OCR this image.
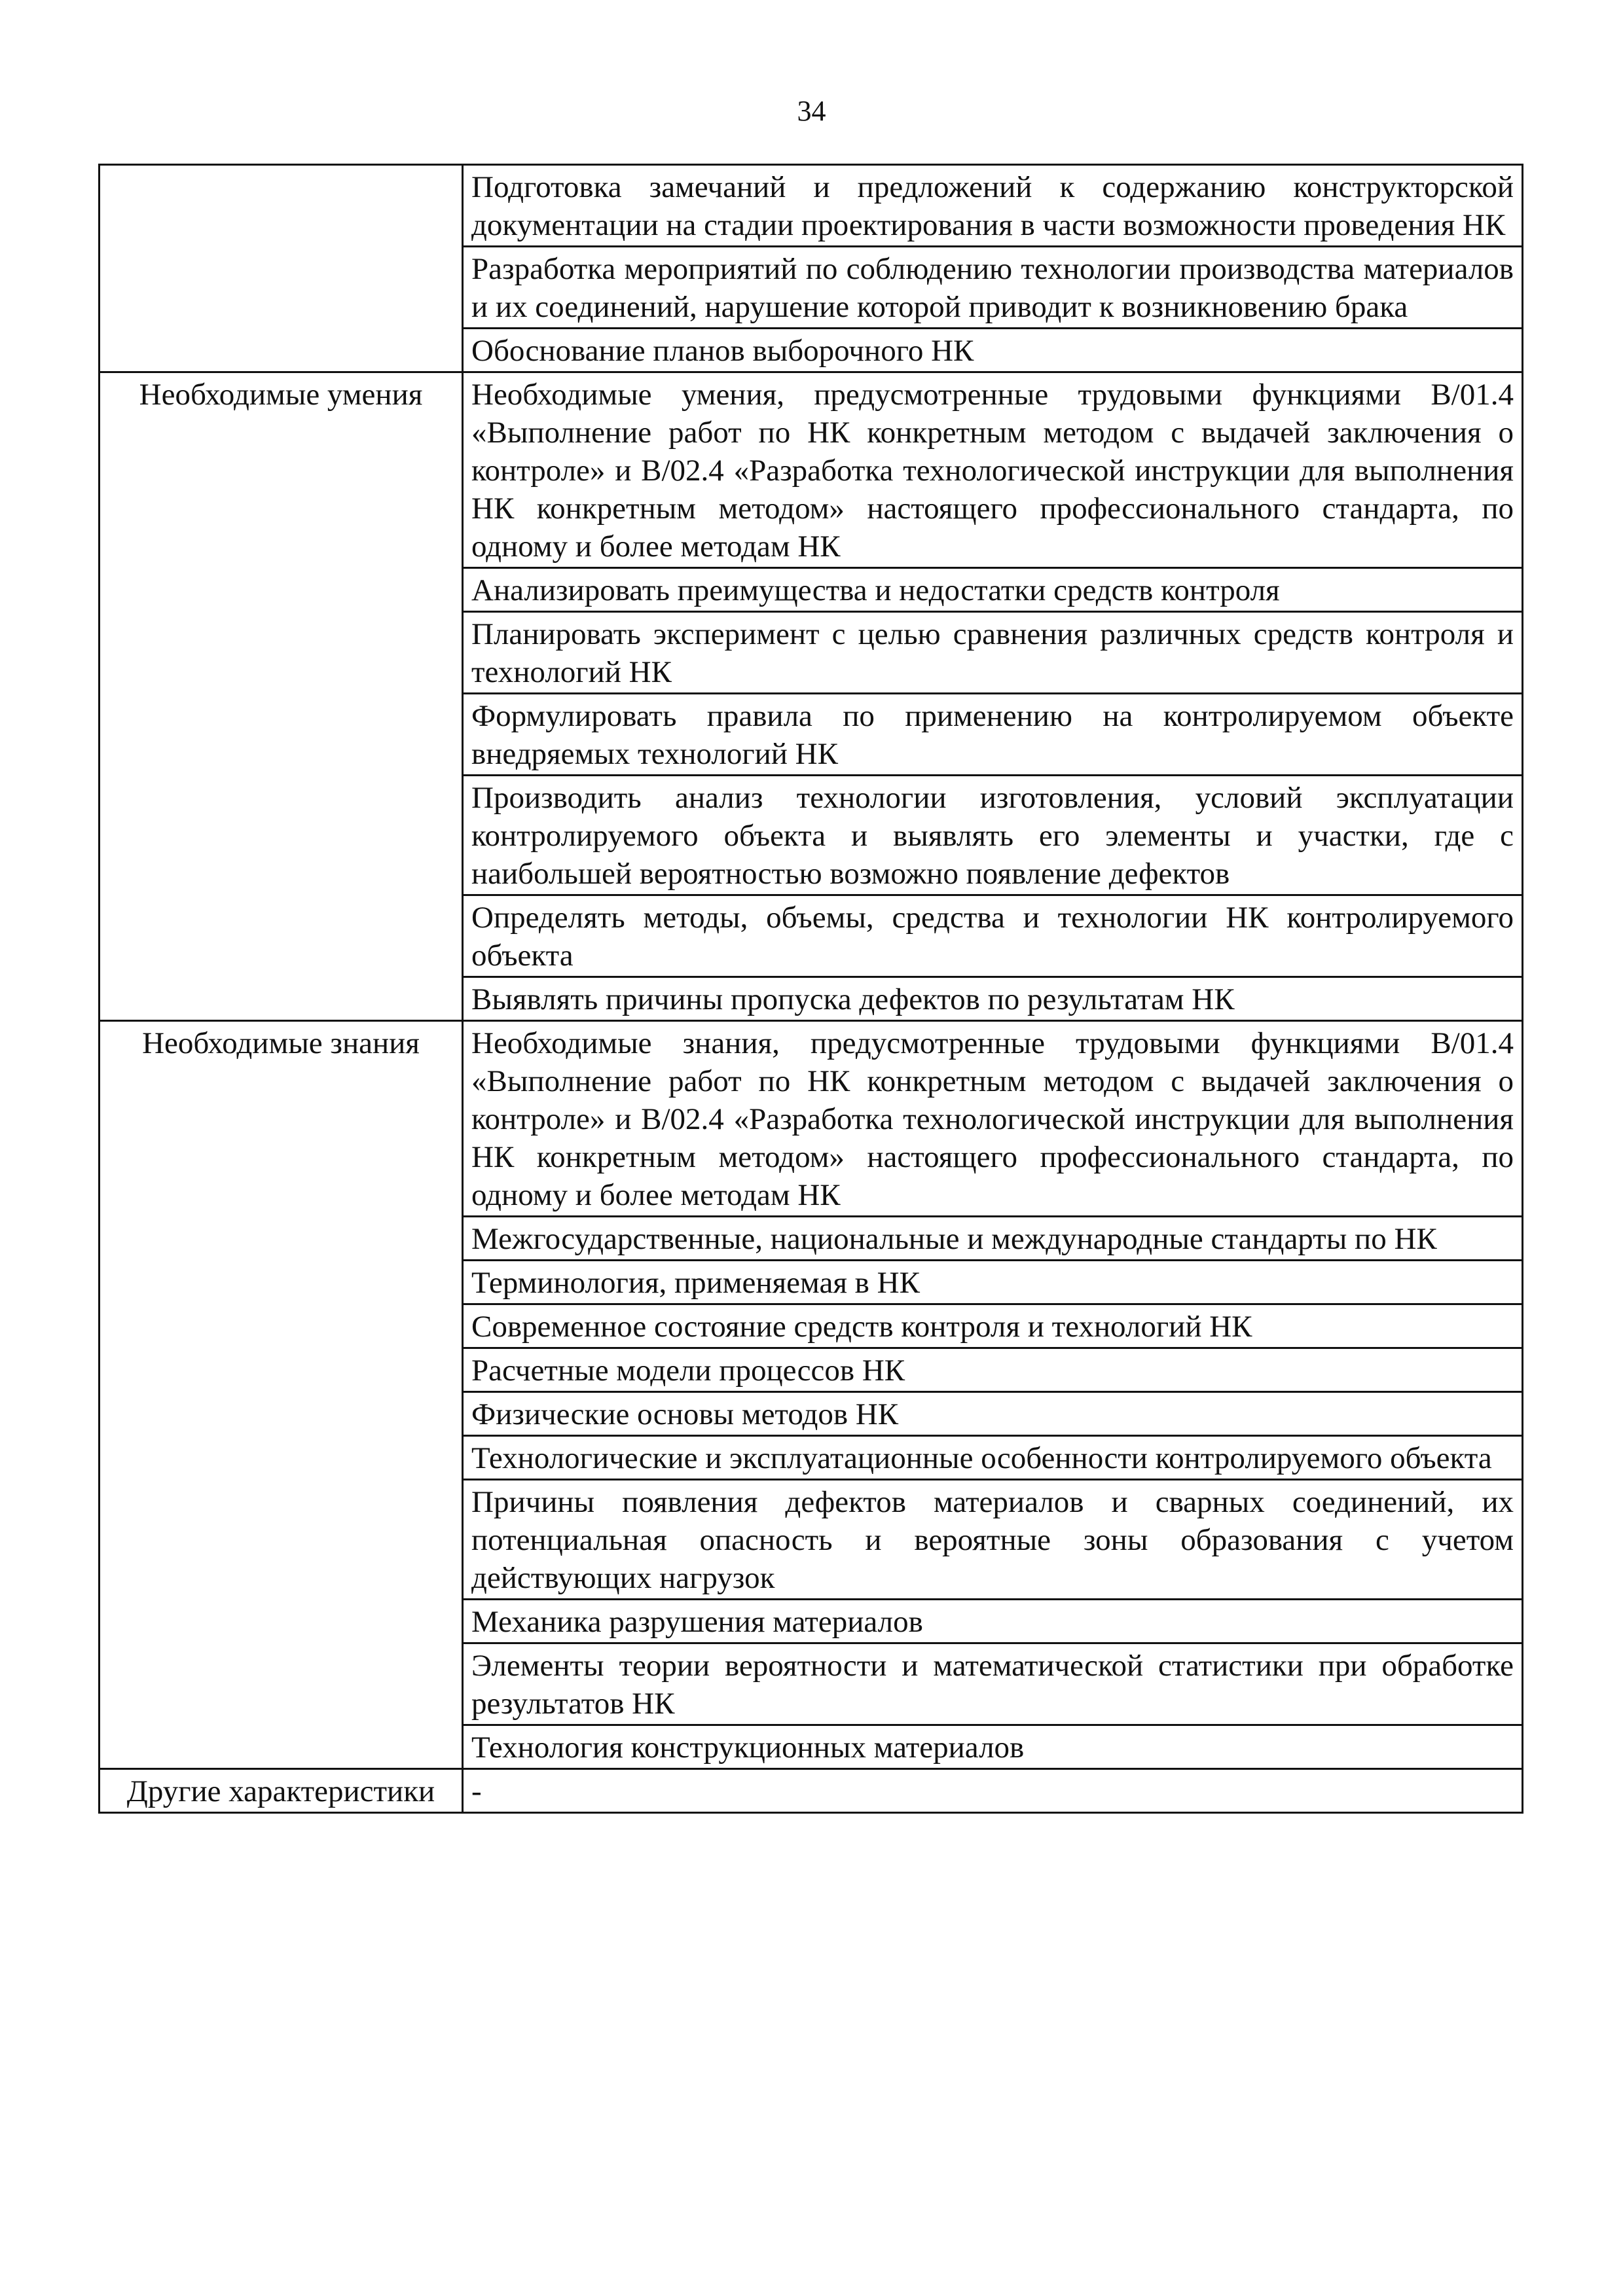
34
	Подготовка замечаний и предложений к содержанию конструкторской документации на стадии проектирования в части возможности проведения НК
	Разработка мероприятий по соблюдению технологии производства материалов и их соединений, нарушение которой приводит к возникновению брака
	Обоснование планов выборочного НК
Необходимые умения	Необходимые умения, предусмотренные трудовыми функциями В/01.4 «Выполнение работ по НК конкретным методом с выдачей заключения о контроле» и В/02.4 «Разработка технологической инструкции для выполнения НК конкретным методом» настоящего профессионального стандарта, по одному и более методам НК
	Анализировать преимущества и недостатки средств контроля
	Планировать эксперимент с целью сравнения различных средств контроля и технологий НК
	Формулировать правила по применению на контролируемом объекте внедряемых технологий НК
	Производить анализ технологии изготовления, условий эксплуатации контролируемого объекта и выявлять его элементы и участки, где с наибольшей вероятностью возможно появление дефектов
	Определять методы, объемы, средства и технологии НК контролируемого объекта
	Выявлять причины пропуска дефектов по результатам НК
Необходимые знания	Необходимые знания, предусмотренные трудовыми функциями В/01.4 «Выполнение работ по НК конкретным методом с выдачей заключения о контроле» и В/02.4 «Разработка технологической инструкции для выполнения НК конкретным методом» настоящего профессионального стандарта, по одному и более методам НК
	Межгосударственные, национальные и международные стандарты по НК
	Терминология, применяемая в НК
	Современное состояние средств контроля и технологий НК
	Расчетные модели процессов НК
	Физические основы методов НК
	Технологические и эксплуатационные особенности контролируемого объекта
	Причины появления дефектов материалов и сварных соединений, их потенциальная опасность и вероятные зоны образования с учетом действующих нагрузок
	Механика разрушения материалов
	Элементы теории вероятности и математической статистики при обработке результатов НК
	Технология конструкционных материалов
Другие характеристики	-
